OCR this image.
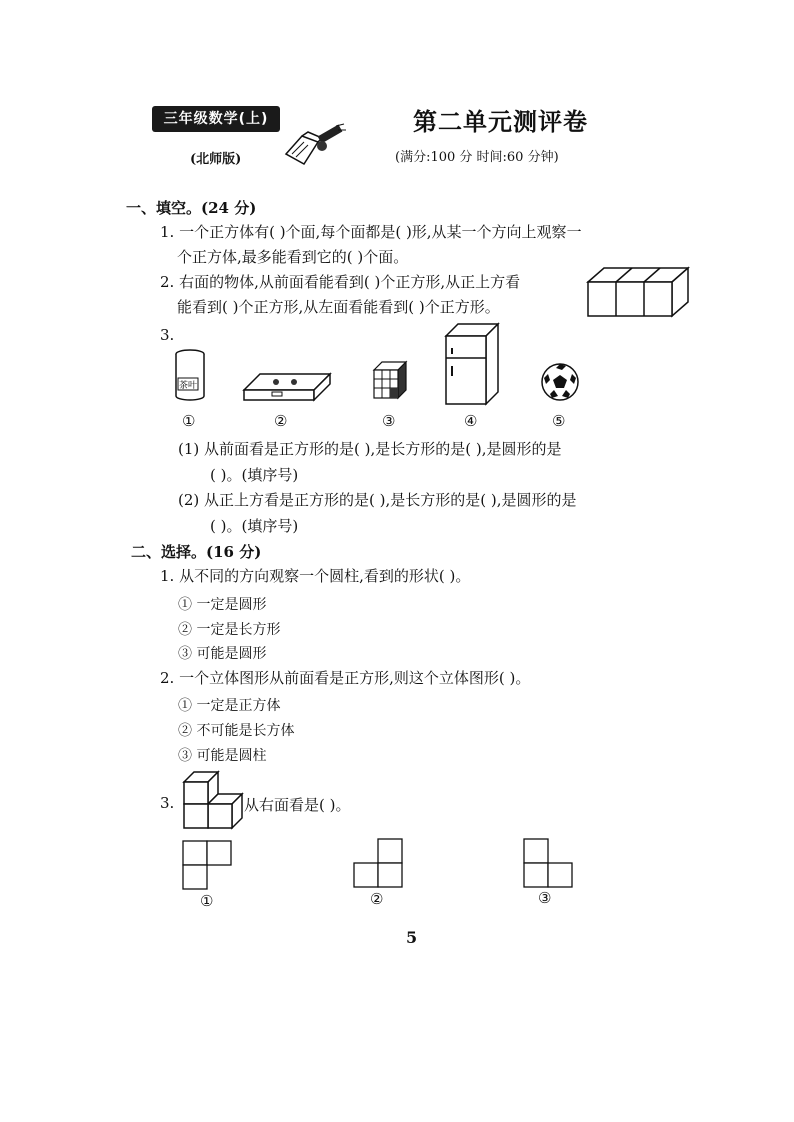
三年级数学(上)
(北师版)
第二单元测评卷
(满分:100 分 时间:60 分钟)
一、填空。(24 分)
1. 一个正方体有( )个面,每个面都是( )形,从某一个方向上观察一
个正方体,最多能看到它的( )个面。
2. 右面的物体,从前面看能看到( )个正方形,从正上方看
能看到( )个正方形,从左面看能看到( )个正方形。
3.
茶叶
①	②	③	④	⑤
(1) 从前面看是正方形的是( ),是长方形的是( ),是圆形的是
( )。(填序号)
(2) 从正上方看是正方形的是( ),是长方形的是( ),是圆形的是
( )。(填序号)
二、选择。(16 分)
1. 从不同的方向观察一个圆柱,看到的形状( )。
① 一定是圆形
② 一定是长方形
③ 可能是圆形
2. 一个立体图形从前面看是正方形,则这个立体图形( )。
① 一定是正方体
② 不可能是长方体
③ 可能是圆柱
3.	从右面看是( )。
①	②	③
5
